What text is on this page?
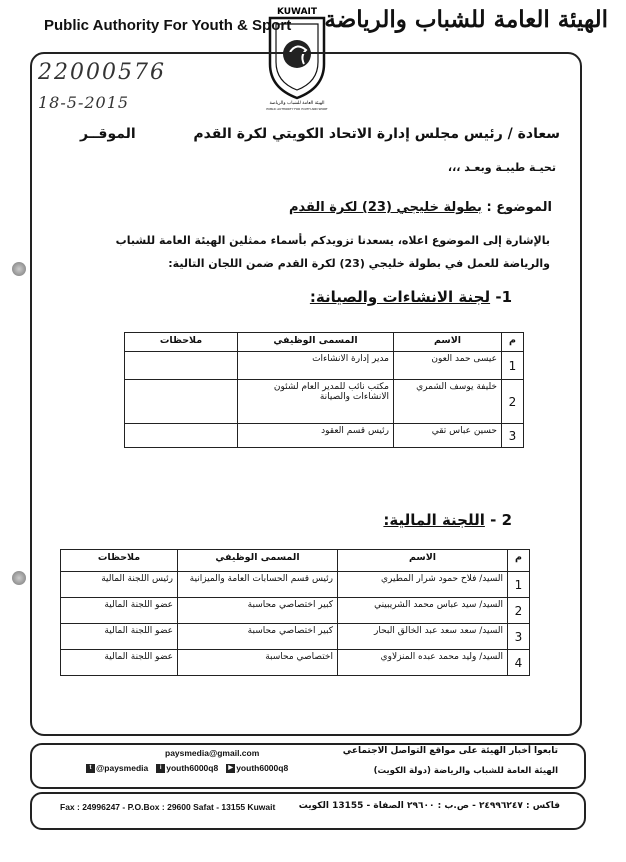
Public Authority For Youth & Sport الهيئة العامة للشباب والرياضة
KUWAIT
الهيئة العامة للشباب والرياضة
PUBLIC AUTHORITY FOR YOUTH AND SPORT
22000576
18-5-2015
سعادة / رئيس مجلس إدارة الاتحاد الكويتي لكرة القدم
الموقــر
تحيـة طيبـة وبعـد ،،،
الموضوع : بطولة خليجي (23) لكرة القدم
بالإشارة إلى الموضوع اعلاه، يسعدنا تزويدكم بأسماء ممثلين الهيئة العامة للشباب
والرياضة للعمل في بطولة خليجي (23) لكرة القدم ضمن اللجان التالية:
1- لجنة الانشاءات والصيانة:
م	الاسم	المسمى الوظيفي	ملاحظات
1	عيسى حمد العون	مدير إدارة الانشاءات	
2	خليفة يوسف الشمري	مكتب نائب للمدير العام لشئون الانشاءات والصيانة	
3	حسين عباس تقي	رئيس قسم العقود	
2 - اللجنة المالية:
م	الاسم	المسمى الوظيفي	ملاحظات
1	السيد/ فلاح حمود شرار المطيري	رئيس قسم الحسابات العامة والميزانية	رئيس اللجنة المالية
2	السيد/ سيد عباس محمد الشريبيني	كبير اختصاصي محاسبة	عضو اللجنة المالية
3	السيد/ سعد سعد عبد الخالق البحار	كبير اختصاصي محاسبة	عضو اللجنة المالية
4	السيد/ وليد محمد عبده المنزلاوي	اختصاصي محاسبة	عضو اللجنة المالية
paysmedia@gmail.com	تابعوا أخبار الهيئة على مواقع التواصل الاجتماعي
الهيئة العامة للشباب والرياضة (دولة الكويت)
t @paysmedia	i youth6000q8	▶ youth6000q8
Fax : 24996247 - P.O.Box : 29600 Safat - 13155 Kuwait	فاكس : ٢٤٩٩٦٢٤٧ - ص.ب : ٢٩٦٠٠ الصفاة - 13155 الكويت
